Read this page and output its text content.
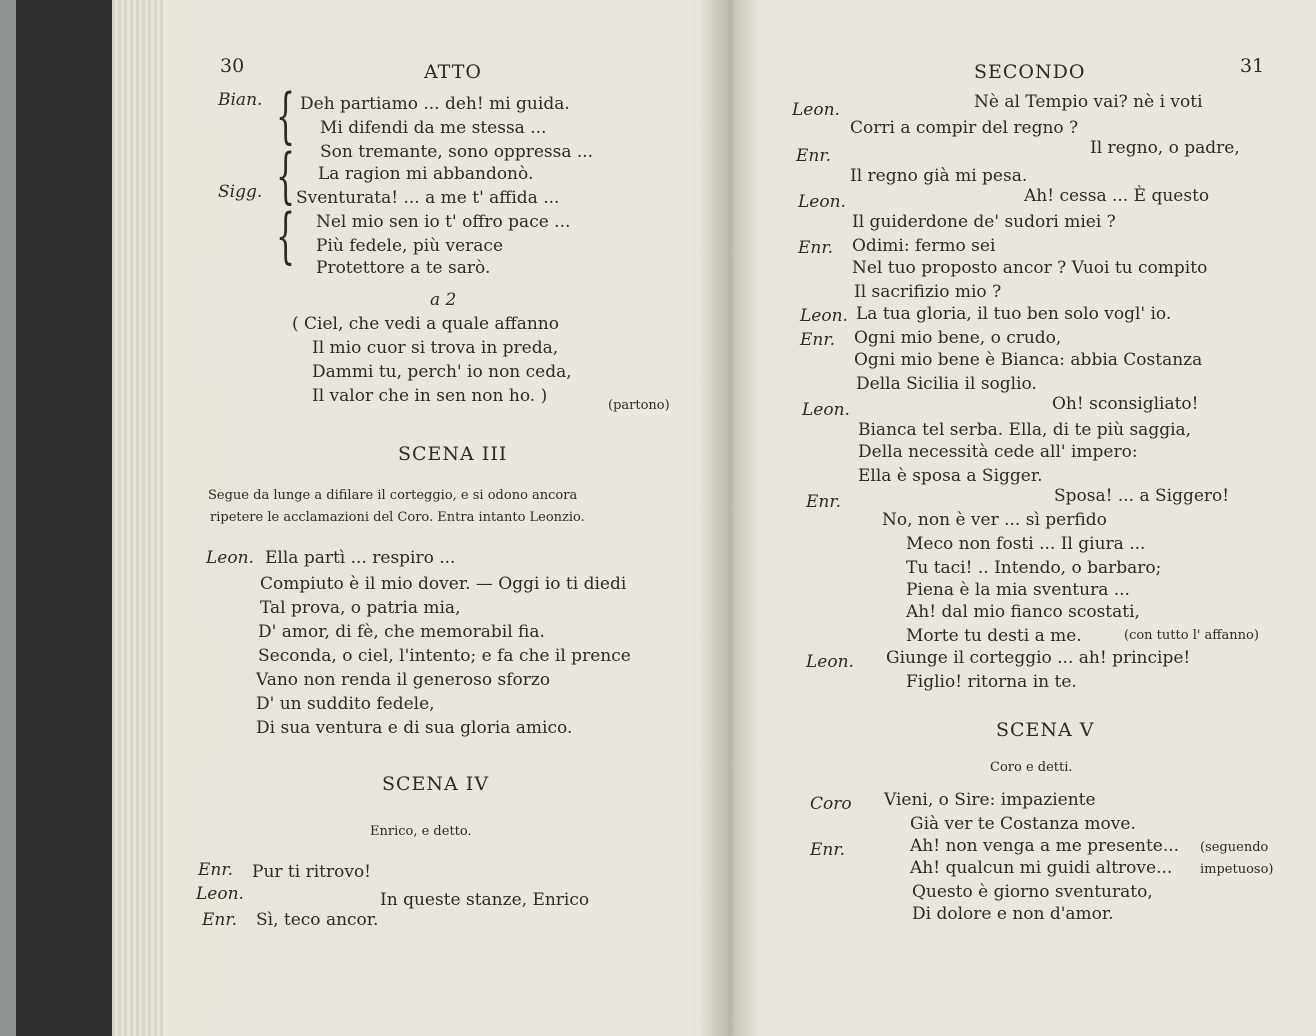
30	ATTO
Bian. {
{
{
Deh partiamo ... deh! mi guida.
Mi difendi da me stessa ...
Son tremante, sono oppressa ...
La ragion mi abbandonò.
Sigg. Sventurata! ... a me t' affida ...
Nel mio sen io t' offro pace ...
Più fedele, più verace
Protettore a te sarò.
a 2
( Ciel, che vedi a quale affanno
Il mio cuor si trova in preda,
Dammi tu, perch' io non ceda,
Il valor che in sen non ho. )	(partono)
SCENA III
Segue da lunge a difilare il corteggio, e si odono ancora
ripetere le acclamazioni del Coro. Entra intanto Leonzio.
Leon. Ella partì ... respiro ...
Compiuto è il mio dover. — Oggi io ti diedi
Tal prova, o patria mia,
D' amor, di fè, che memorabil fia.
Seconda, o ciel, l'intento; e fa che il prence
Vano non renda il generoso sforzo
D' un suddito fedele,
Di sua ventura e di sua gloria amico.
SCENA IV
Enrico, e detto.
Enr. Pur ti ritrovo!
Leon.	In queste stanze, Enrico
Enr. Sì, teco ancor.
SECONDO	31
Leon.	Nè al Tempio vai? nè i voti
Corri a compir del regno ?
Enr.	Il regno, o padre,
Il regno già mi pesa.
Leon.	Ah! cessa ... È questo
Il guiderdone de' sudori miei ?
Enr. Odimi: fermo sei
Nel tuo proposto ancor ? Vuoi tu compito
Il sacrifizio mio ?
Leon. La tua gloria, il tuo ben solo vogl' io.
Enr. Ogni mio bene, o crudo,
Ogni mio bene è Bianca: abbia Costanza
Della Sicilia il soglio.
Leon.	Oh! sconsigliato!
Bianca tel serba. Ella, di te più saggia,
Della necessità cede all' impero:
Ella è sposa a Sigger.
Enr.	Sposa! ... a Siggero!
No, non è ver ... sì perfido
Meco non fosti ... Il giura ...
Tu taci! .. Intendo, o barbaro;
Piena è la mia sventura ...
Ah! dal mio fianco scostati,
Morte tu desti a me.	(con tutto l' affanno)
Leon. Giunge il corteggio ... ah! principe!
Figlio! ritorna in te.
SCENA V
Coro e detti.
Coro Vieni, o Sire: impaziente
Già ver te Costanza move.
Enr.	Ah! non venga a me presente... (seguendo
Ah! qualcun mi guidi altrove... impetuoso)
Questo è giorno sventurato,
Di dolore e non d'amor.
